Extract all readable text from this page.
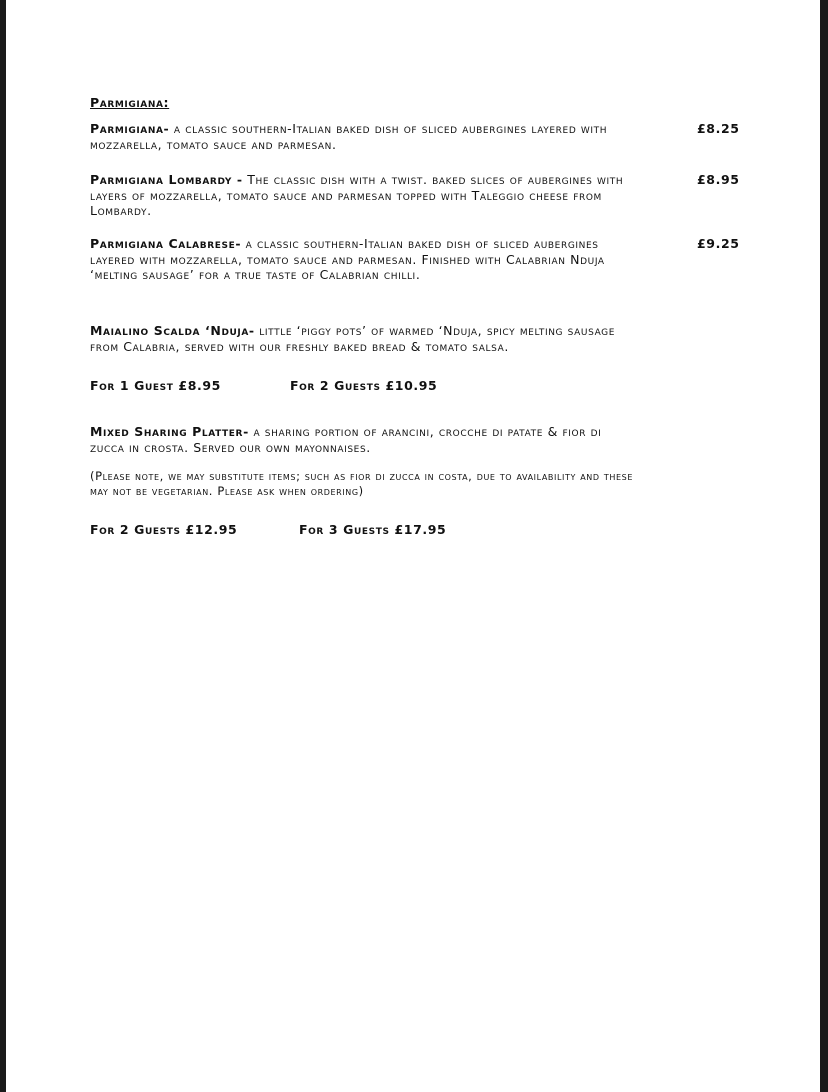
Parmigiana:
Parmigiana- a classic southern-Italian baked dish of sliced aubergines layered with mozzarella, tomato sauce and parmesan.
£8.25
Parmigiana Lombardy - The classic dish with a twist. baked slices of aubergines with layers of mozzarella, tomato sauce and parmesan topped with Taleggio cheese from Lombardy.
£8.95
Parmigiana Calabrese- a classic southern-Italian baked dish of sliced aubergines layered with mozzarella, tomato sauce and parmesan. Finished with Calabrian Nduja ‘melting sausage’ for a true taste of Calabrian chilli.
£9.25
Maialino Scalda ‘Nduja- little ‘piggy pots’ of warmed ‘Nduja, spicy melting sausage from Calabria, served with our freshly baked bread & tomato salsa.
For 1 Guest £8.95	For 2 Guests £10.95
Mixed Sharing Platter- a sharing portion of arancini, crocche di patate & fior di zucca in crosta. Served our own mayonnaises.
(Please note, we may substitute items; such as fior di zucca in costa, due to availability and these may not be vegetarian. Please ask when ordering)
For 2 Guests £12.95	For 3 Guests £17.95
